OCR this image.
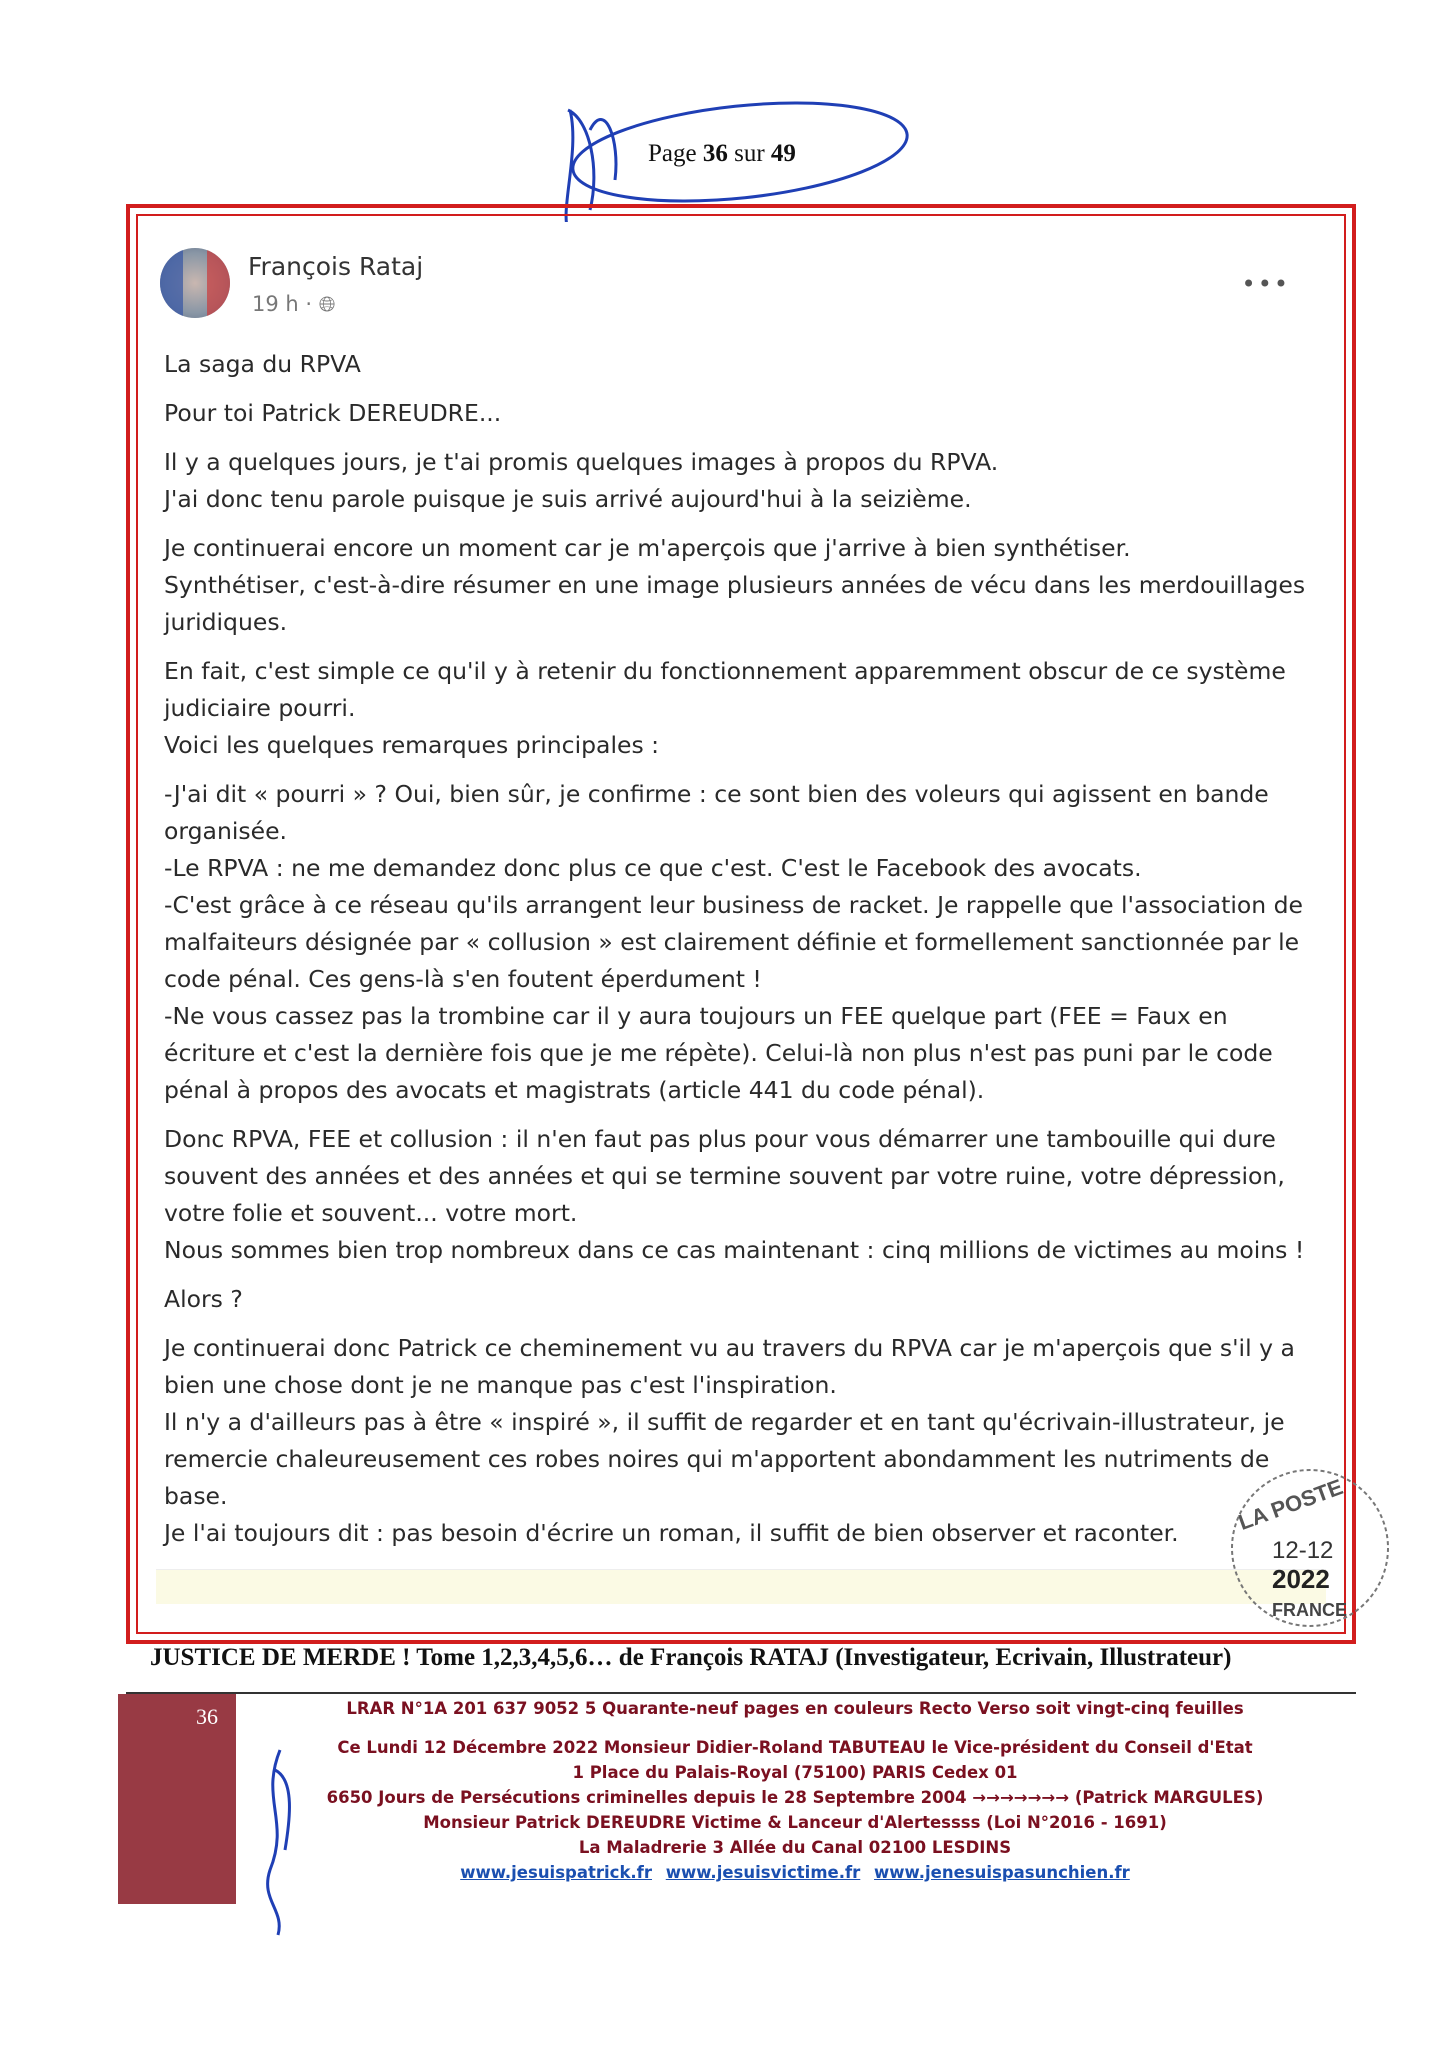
Page 36 sur 49
François Rataj
19 h · 🌐︎
•••

La saga du RPVA

Pour toi Patrick DEREUDRE...

Il y a quelques jours, je t'ai promis quelques images à propos du RPVA.
J'ai donc tenu parole puisque je suis arrivé aujourd'hui à la seizième.

Je continuerai encore un moment car je m'aperçois que j'arrive à bien synthétiser.
Synthétiser, c'est-à-dire résumer en une image plusieurs années de vécu dans les merdouillages juridiques.

En fait, c'est simple ce qu'il y à retenir du fonctionnement apparemment obscur de ce système judiciaire pourri.
Voici les quelques remarques principales :

-J'ai dit « pourri » ? Oui, bien sûr, je confirme : ce sont bien des voleurs qui agissent en bande organisée.
-Le RPVA : ne me demandez donc plus ce que c'est. C'est le Facebook des avocats.
-C'est grâce à ce réseau qu'ils arrangent leur business de racket. Je rappelle que l'association de malfaiteurs désignée par « collusion » est clairement définie et formellement sanctionnée par le code pénal. Ces gens-là s'en foutent éperdument !
-Ne vous cassez pas la trombine car il y aura toujours un FEE quelque part (FEE = Faux en écriture et c'est la dernière fois que je me répète). Celui-là non plus n'est pas puni par le code pénal à propos des avocats et magistrats (article 441 du code pénal).

Donc RPVA, FEE et collusion : il n'en faut pas plus pour vous démarrer une tambouille qui dure souvent des années et des années et qui se termine souvent par votre ruine, votre dépression, votre folie et souvent... votre mort.
Nous sommes bien trop nombreux dans ce cas maintenant : cinq millions de victimes au moins !

Alors ?

Je continuerai donc Patrick ce cheminement vu au travers du RPVA car je m'aperçois que s'il y a bien une chose dont je ne manque pas c'est l'inspiration.
Il n'y a d'ailleurs pas à être « inspiré », il suffit de regarder et en tant qu'écrivain-illustrateur, je remercie chaleureusement ces robes noires qui m'apportent abondamment les nutriments de base.
Je l'ai toujours dit : pas besoin d'écrire un roman, il suffit de bien observer et raconter.	LA POSTE
12-12
2022
FRANCE
JUSTICE DE MERDE ! Tome 1,2,3,4,5,6… de François RATAJ (Investigateur, Ecrivain, Illustrateur)
36	LRAR N°1A 201 637 9052 5 Quarante-neuf pages en couleurs Recto Verso soit vingt-cinq feuilles
Ce Lundi 12 Décembre 2022 Monsieur Didier-Roland TABUTEAU le Vice-président du Conseil d'Etat
1 Place du Palais-Royal (75100) PARIS Cedex 01
6650 Jours de Persécutions criminelles depuis le 28 Septembre 2004 →→→→→→→ (Patrick MARGULES)
Monsieur Patrick DEREUDRE Victime & Lanceur d'Alertessss (Loi N°2016 - 1691)
La Maladrerie 3 Allée du Canal 02100 LESDINS
www.jesuispatrick.fr www.jesuisvictime.fr www.jenesuispasunchien.fr
